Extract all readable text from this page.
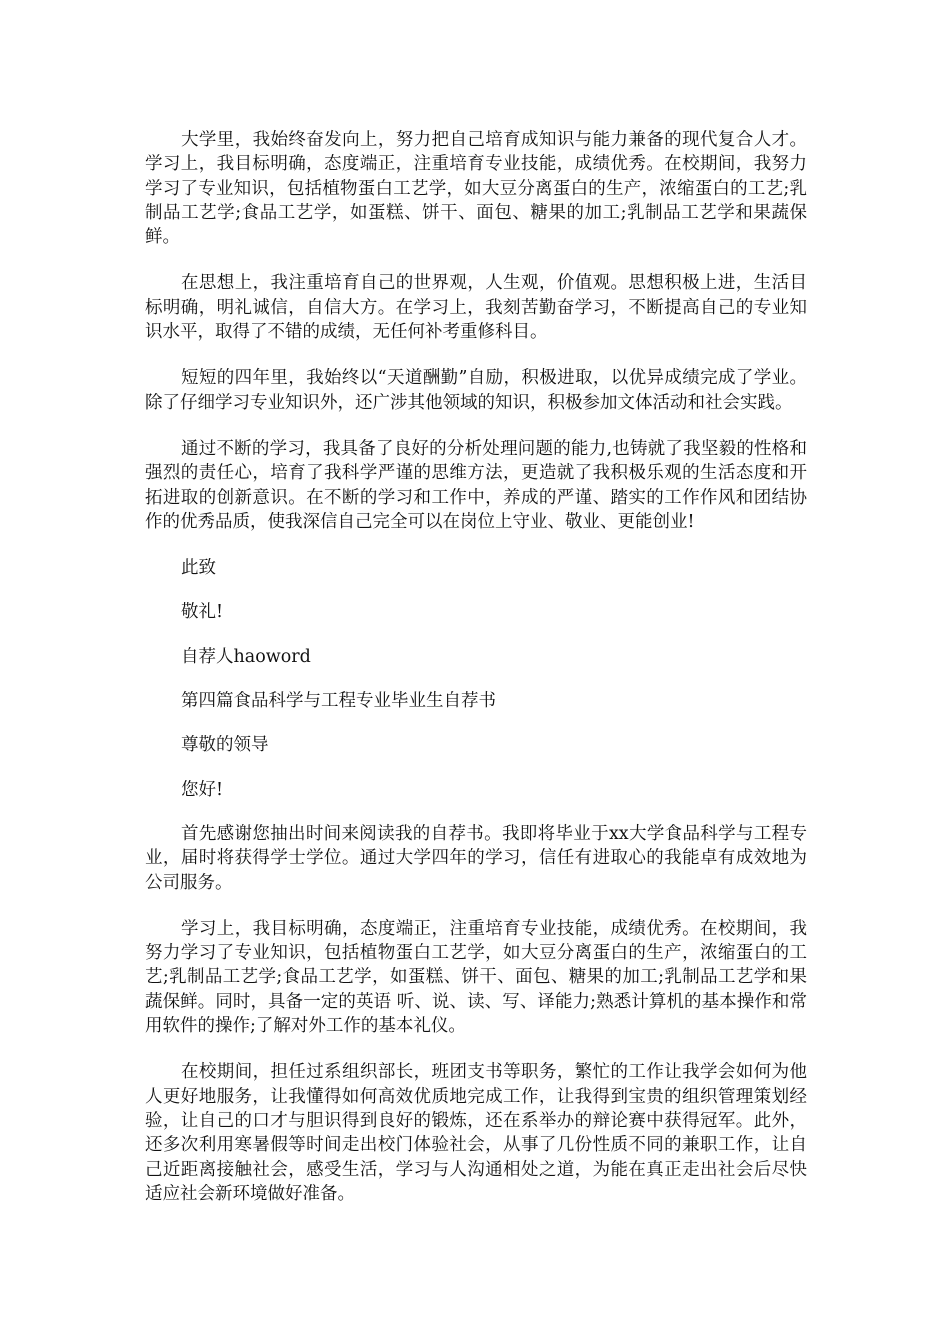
大学里，我始终奋发向上，努力把自己培育成知识与能力兼备的现代复合人才。学习上，我目标明确，态度端正，注重培育专业技能，成绩优秀。在校期间，我努力学习了专业知识，包括植物蛋白工艺学，如大豆分离蛋白的生产，浓缩蛋白的工艺;乳制品工艺学;食品工艺学，如蛋糕、饼干、面包、糖果的加工;乳制品工艺学和果蔬保鲜。

在思想上，我注重培育自己的世界观，人生观，价值观。思想积极上进，生活目标明确，明礼诚信，自信大方。在学习上，我刻苦勤奋学习，不断提高自己的专业知识水平，取得了不错的成绩，无任何补考重修科目。

短短的四年里，我始终以“天道酬勤”自励，积极进取，以优异成绩完成了学业。除了仔细学习专业知识外，还广涉其他领域的知识，积极参加文体活动和社会实践。

通过不断的学习，我具备了良好的分析处理问题的能力,也铸就了我坚毅的性格和强烈的责任心，培育了我科学严谨的思维方法，更造就了我积极乐观的生活态度和开拓进取的创新意识。在不断的学习和工作中，养成的严谨、踏实的工作作风和团结协作的优秀品质，使我深信自己完全可以在岗位上守业、敬业、更能创业!

此致

敬礼!

自荐人haoword

第四篇食品科学与工程专业毕业生自荐书

尊敬的领导

您好!

首先感谢您抽出时间来阅读我的自荐书。我即将毕业于xx大学食品科学与工程专业，届时将获得学士学位。通过大学四年的学习，信任有进取心的我能卓有成效地为公司服务。

学习上，我目标明确，态度端正，注重培育专业技能，成绩优秀。在校期间，我努力学习了专业知识，包括植物蛋白工艺学，如大豆分离蛋白的生产，浓缩蛋白的工艺;乳制品工艺学;食品工艺学，如蛋糕、饼干、面包、糖果的加工;乳制品工艺学和果蔬保鲜。同时，具备一定的英语 听、说、读、写、译能力;熟悉计算机的基本操作和常用软件的操作;了解对外工作的基本礼仪。

在校期间，担任过系组织部长，班团支书等职务，繁忙的工作让我学会如何为他人更好地服务，让我懂得如何高效优质地完成工作，让我得到宝贵的组织管理策划经验，让自己的口才与胆识得到良好的锻炼，还在系举办的辩论赛中获得冠军。此外，还多次利用寒暑假等时间走出校门体验社会，从事了几份性质不同的兼职工作，让自己近距离接触社会，感受生活，学习与人沟通相处之道，为能在真正走出社会后尽快适应社会新环境做好准备。
